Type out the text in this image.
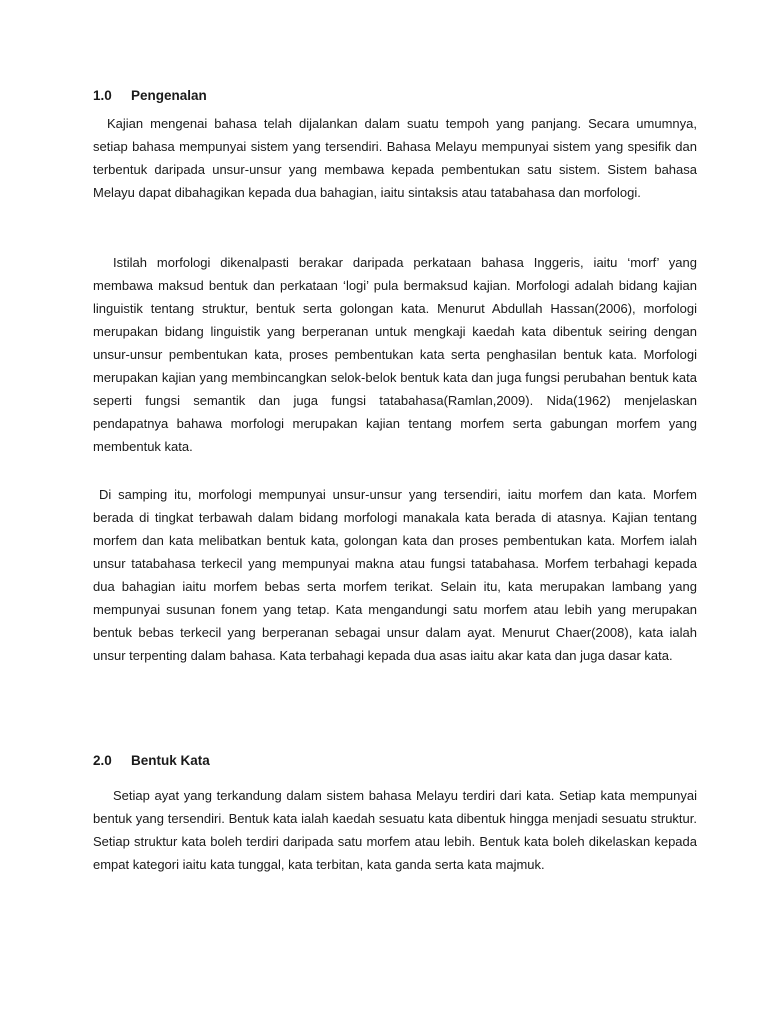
1.0 Pengenalan

Kajian mengenai bahasa telah dijalankan dalam suatu tempoh yang panjang. Secara umumnya, setiap bahasa mempunyai sistem yang tersendiri. Bahasa Melayu mempunyai sistem yang spesifik dan terbentuk daripada unsur-unsur yang membawa kepada pembentukan satu sistem. Sistem bahasa Melayu dapat dibahagikan kepada dua bahagian, iaitu sintaksis atau tatabahasa dan morfologi.

Istilah morfologi dikenalpasti berakar daripada perkataan bahasa Inggeris, iaitu ‘morf’ yang membawa maksud bentuk dan perkataan ‘logi’ pula bermaksud kajian. Morfologi adalah bidang kajian linguistik tentang struktur, bentuk serta golongan kata. Menurut Abdullah Hassan(2006), morfologi merupakan bidang linguistik yang berperanan untuk mengkaji kaedah kata dibentuk seiring dengan unsur-unsur pembentukan kata, proses pembentukan kata serta penghasilan bentuk kata. Morfologi merupakan kajian yang membincangkan selok-belok bentuk kata dan juga fungsi perubahan bentuk kata seperti fungsi semantik dan juga fungsi tatabahasa(Ramlan,2009). Nida(1962) menjelaskan pendapatnya bahawa morfologi merupakan kajian tentang morfem serta gabungan morfem yang membentuk kata.

Di samping itu, morfologi mempunyai unsur-unsur yang tersendiri, iaitu morfem dan kata. Morfem berada di tingkat terbawah dalam bidang morfologi manakala kata berada di atasnya. Kajian tentang morfem dan kata melibatkan bentuk kata, golongan kata dan proses pembentukan kata. Morfem ialah unsur tatabahasa terkecil yang mempunyai makna atau fungsi tatabahasa. Morfem terbahagi kepada dua bahagian iaitu morfem bebas serta morfem terikat. Selain itu, kata merupakan lambang yang mempunyai susunan fonem yang tetap. Kata mengandungi satu morfem atau lebih yang merupakan bentuk bebas terkecil yang berperanan sebagai unsur dalam ayat. Menurut Chaer(2008), kata ialah unsur terpenting dalam bahasa. Kata terbahagi kepada dua asas iaitu akar kata dan juga dasar kata.

2.0 Bentuk Kata

Setiap ayat yang terkandung dalam sistem bahasa Melayu terdiri dari kata. Setiap kata mempunyai bentuk yang tersendiri. Bentuk kata ialah kaedah sesuatu kata dibentuk hingga menjadi sesuatu struktur. Setiap struktur kata boleh terdiri daripada satu morfem atau lebih. Bentuk kata boleh dikelaskan kepada empat kategori iaitu kata tunggal, kata terbitan, kata ganda serta kata majmuk.
